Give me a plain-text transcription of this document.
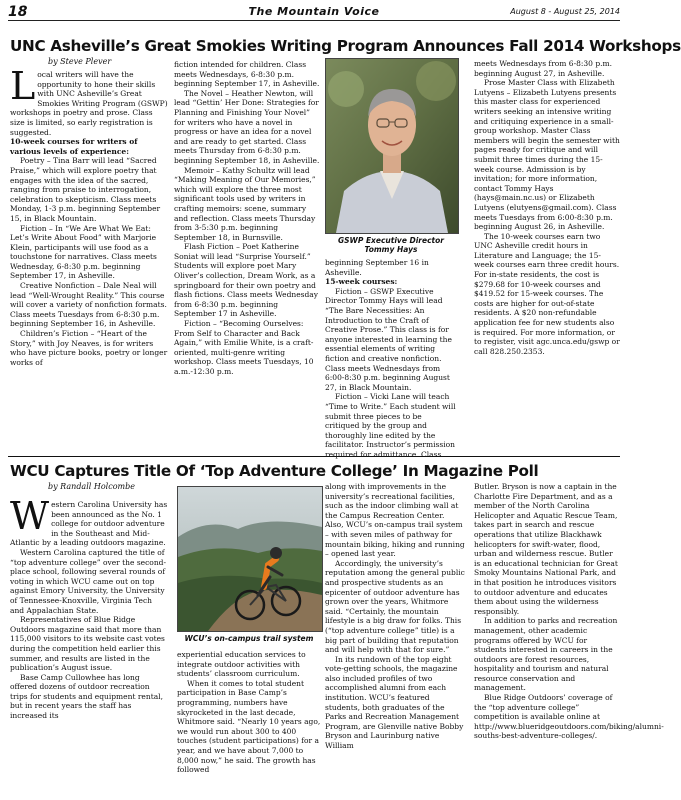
18	The Mountain Voice	August 8 - August 25, 2014
UNC Asheville’s Great Smokies Writing Program Announces Fall 2014 Workshops
by Steve Plever

Local writers will have the opportunity to hone their skills with UNC Asheville’s Great Smokies Writing Program (GSWP) workshops in poetry and prose. Class size is limited, so early registration is suggested.

10-week courses for writers of various levels of experience:

Poetry – Tina Barr will lead “Sacred Praise,” which will explore poetry that engages with the idea of the sacred, ranging from praise to interrogation, celebration to skepticism. Class meets Monday, 1-3 p.m. beginning September 15, in Black Mountain.

Fiction – In “We Are What We Eat: Let’s Write About Food” with Marjorie Klein, participants will use food as a touchstone for narratives. Class meets Wednesday, 6-8:30 p.m. beginning September 17, in Asheville.

Creative Nonfiction – Dale Neal will lead “Well-Wrought Reality.” This course will cover a variety of nonfiction formats. Class meets Tuesdays from 6-8:30 p.m. beginning September 16, in Asheville.

Children’s Fiction – “Heart of the Story,” with Joy Neaves, is for writers who have picture books, poetry or longer works of

fiction intended for children. Class meets Wednesdays, 6-8:30 p.m. beginning September 17, in Asheville.

The Novel – Heather Newton, will lead “Gettin’ Her Done: Strategies for Planning and Finishing Your Novel” for writers who have a novel in progress or have an idea for a novel and are ready to get started. Class meets Thursday from 6-8:30 p.m. beginning September 18, in Asheville.

Memoir – Kathy Schultz will lead “Making Meaning of Our Memories,” which will explore the three most significant tools used by writers in crafting memoirs: scene, summary and reflection. Class meets Thursday from 3-5:30 p.m. beginning September 18, in Burnsville.

Flash Fiction – Poet Katherine Soniat will lead “Surprise Yourself.” Students will explore poet Mary Oliver’s collection, Dream Work, as a springboard for their own poetry and flash fictions. Class meets Wednesday from 6-8:30 p.m. beginning September 17 in Asheville.

Fiction – “Becoming Ourselves: From Self to Character and Back Again,” with Emilie White, is a craft-oriented, multi-genre writing workshop. Class meets Tuesdays, 10 a.m.-12:30 p.m.

GSWP Executive Director Tommy Hays

beginning September 16 in Asheville.

15-week courses:

Fiction – GSWP Executive Director Tommy Hays will lead “The Bare Necessities: An Introduction to the Craft of Creative Prose.” This class is for anyone interested in learning the essential elements of writing fiction and creative nonfiction. Class meets Wednesdays from 6:00-8:30 p.m. beginning August 27, in Black Mountain.

Fiction – Vicki Lane will teach “Time to Write.” Each student will submit three pieces to be critiqued by the group and thoroughly line edited by the facilitator. Instructor’s permission required for admittance. Class

meets Wednesdays from 6-8:30 p.m. beginning August 27, in Asheville.

Prose Master Class with Elizabeth Lutyens – Elizabeth Lutyens presents this master class for experienced writers seeking an intensive writing and critiquing experience in a small-group workshop. Master Class members will begin the semester with pages ready for critique and will submit three times during the 15-week course. Admission is by invitation; for more information, contact Tommy Hays (hays@main.nc.us) or Elizabeth Lutyens (elutyens@gmail.com). Class meets Tuesdays from 6:00-8:30 p.m. beginning August 26, in Asheville.

The 10-week courses earn two UNC Asheville credit hours in Literature and Language; the 15-week courses earn three credit hours. For in-state residents, the cost is $279.68 for 10-week courses and $419.52 for 15-week courses. The costs are higher for out-of-state residents. A $20 non-refundable application fee for new students also is required. For more information, or to register, visit agc.unca.edu/gswp or call 828.250.2353.

WCU Captures Title Of ‘Top Adventure College’ In Magazine Poll
by Randall Holcombe

Western Carolina University has been announced as the No. 1 college for outdoor adventure in the Southeast and Mid-Atlantic by a leading outdoors magazine.

Western Carolina captured the title of “top adventure college” over the second-place school, following several rounds of voting in which WCU came out on top against Emory University, the University of Tennessee-Knoxville, Virginia Tech and Appalachian State.

Representatives of Blue Ridge Outdoors magazine said that more than 115,000 visitors to its website cast votes during the competition held earlier this summer, and results are listed in the publication’s August issue.

Base Camp Cullowhee has long offered dozens of outdoor recreation trips for students and equipment rental, but in recent years the staff has increased its

WCU’s on-campus trail system

experiential education services to integrate outdoor activities with students’ classroom curriculum.

When it comes to total student participation in Base Camp’s programming, numbers have skyrocketed in the last decade, Whitmore said. “Nearly 10 years ago, we would run about 300 to 400 touches (student participations) for a year, and we have about 7,000 to 8,000 now,” he said. The growth has followed

along with improvements in the university’s recreational facilities, such as the indoor climbing wall at the Campus Recreation Center. Also, WCU’s on-campus trail system – with seven miles of pathway for mountain biking, hiking and running – opened last year.

Accordingly, the university’s reputation among the general public and prospective students as an epicenter of outdoor adventure has grown over the years, Whitmore said. “Certainly, the mountain lifestyle is a big draw for folks. This (“top adventure college” title) is a big part of building that reputation and will help with that for sure.”

In its rundown of the top eight vote-getting schools, the magazine also included profiles of two accomplished alumni from each institution. WCU’s featured students, both graduates of the Parks and Recreation Management Program, are Glenville native Bobby Bryson and Laurinburg native William

Butler. Bryson is now a captain in the Charlotte Fire Department, and as a member of the North Carolina Helicopter and Aquatic Rescue Team, takes part in search and rescue operations that utilize Blackhawk helicopters for swift-water, flood, urban and wilderness rescue. Butler is an educational technician for Great Smoky Mountains National Park, and in that position he introduces visitors to outdoor adventure and educates them about using the wilderness responsibly.

In addition to parks and recreation management, other academic programs offered by WCU for students interested in careers in the outdoors are forest resources, hospitality and tourism and natural resource conservation and management.

Blue Ridge Outdoors’ coverage of the “top adventure college” competition is available online at http://www.blueridgeoutdoors.com/biking/alumni-souths-best-adventure-colleges/.
